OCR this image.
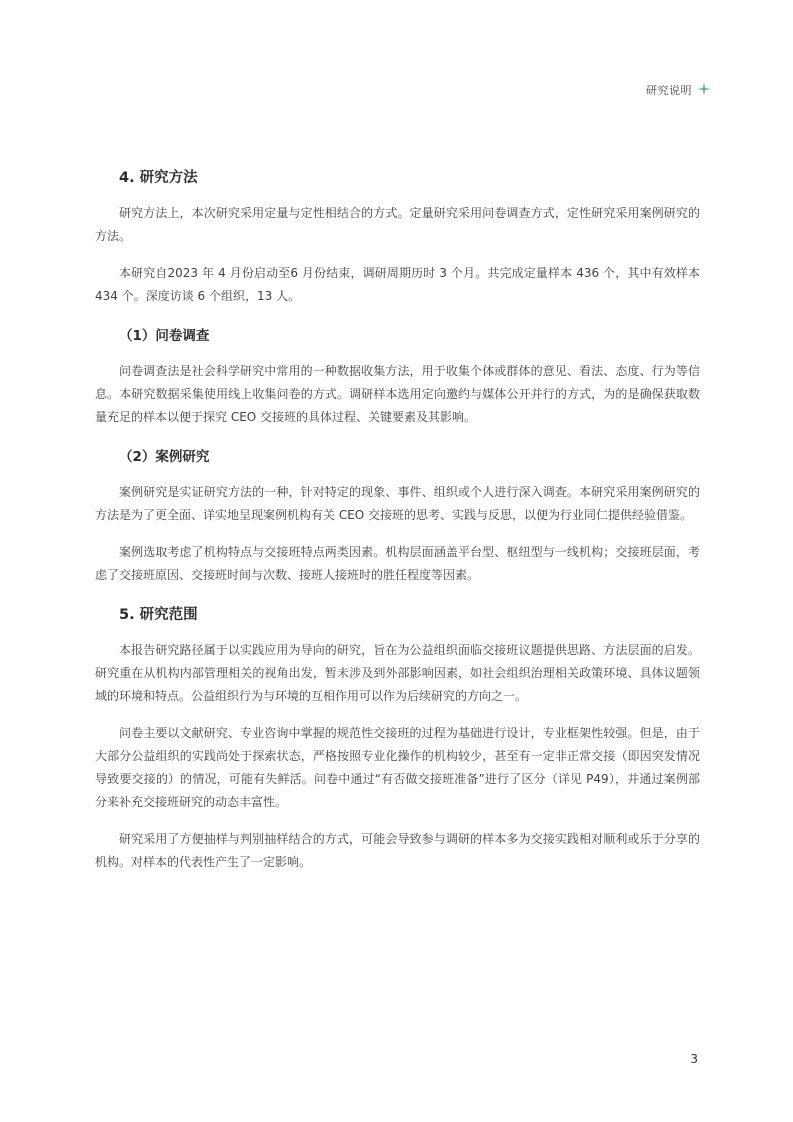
研究说明
4. 研究方法

研究方法上，本次研究采用定量与定性相结合的方式。定量研究采用问卷调查方式，定性研究采用案例研究的方法。

本研究自2023 年 4 月份启动至6 月份结束，调研周期历时 3 个月。共完成定量样本 436 个，其中有效样本434 个。深度访谈 6 个组织，13 人。

（1）问卷调查

问卷调查法是社会科学研究中常用的一种数据收集方法，用于收集个体或群体的意见、看法、态度、行为等信息。本研究数据采集使用线上收集问卷的方式。调研样本选用定向邀约与媒体公开并行的方式，为的是确保获取数量充足的样本以便于探究 CEO 交接班的具体过程、关键要素及其影响。

（2）案例研究

案例研究是实证研究方法的一种，针对特定的现象、事件、组织或个人进行深入调查。本研究采用案例研究的方法是为了更全面、详实地呈现案例机构有关 CEO 交接班的思考、实践与反思，以便为行业同仁提供经验借鉴。

案例选取考虑了机构特点与交接班特点两类因素。机构层面涵盖平台型、枢纽型与一线机构；交接班层面，考虑了交接班原因、交接班时间与次数、接班人接班时的胜任程度等因素。

5. 研究范围

本报告研究路径属于以实践应用为导向的研究，旨在为公益组织面临交接班议题提供思路、方法层面的启发。研究重在从机构内部管理相关的视角出发，暂未涉及到外部影响因素，如社会组织治理相关政策环境、具体议题领域的环境和特点。公益组织行为与环境的互相作用可以作为后续研究的方向之一。

问卷主要以文献研究、专业咨询中掌握的规范性交接班的过程为基础进行设计，专业框架性较强。但是，由于大部分公益组织的实践尚处于探索状态，严格按照专业化操作的机构较少，甚至有一定非正常交接（即因突发情况导致要交接的）的情况，可能有失鲜活。问卷中通过“有否做交接班准备”进行了区分（详见 P49），并通过案例部分来补充交接班研究的动态丰富性。

研究采用了方便抽样与判别抽样结合的方式，可能会导致参与调研的样本多为交接实践相对顺利或乐于分享的机构。对样本的代表性产生了一定影响。

3
